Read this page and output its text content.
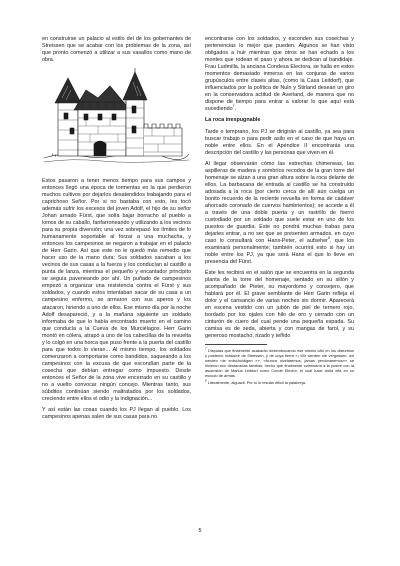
en construirse un palacio al estilo del de los gobernantes de Streissen que se acabar con los problemas de la zona, así que pronto comenzó a utilizar a sus vasallos como mano de obra.

Estos pasaron a tener menos tiempo para sus campos y entonces llegó una época de tormentas en la que perdieron muchos cultivos por dejarlos desatendidos trabajando para el caprichoso Señor. Por si no bastaba con esto, les tocó además sufrir los excesos del joven Adolf, el hijo de su señor Johan arnado Fürst, que solía bajar borracho al pueblo a lomos de su caballo, fanfarroneando y utilizando a los vecinos para su propia diversión; una vez sobrepasó los límites de lo humanamente soportable al forzar a una muchacha, y entonces los campesinos se negaron a trabajar en el palacio de Herr Garin. Así que este no le quedó más remedio que hacer uso de la mano dura: Sus soldados sacaban a los vecinos de sus casas a la fuerza y los conducían al castillo a punta de lanza, mientras el pequeño y encantador principito se seguía paveneando por ahí. Un puñado de campesinos empezó a organizar una resistencia contra el Fürst y sus soldados, y cuando estos intentaban sacar de su casa a un campesino enfermo, se armaron con sus aperos y los atacaron, hiriendo a uno de ellos. Ese mismo día por la noche Adolf desapareció, y a la mañana siguiente un soldado informaba de que lo había encontrado muerto en el camino que conducía a la Cueva de los Murciélagos. Herr Garin montó en cólera, atrapó a uno de los cabecillas de la revuelta y lo colgó en una horca que puso frente a la puerta del castillo para que todos lo vieran... Al mismo tiempo, los soldados comenzaron a comportarse como bandidos, saqueando a los campesinos con la excusa de que escondían parte de la cosecha que debían entregar como impuesto. Desde entonces el Señor de la zona vive encerrado en su castillo y no a vuelto convocar ningún concejo. Mientras tanto, sus súbditos continúan siendo maltratados por los soldados, creciendo entre ellos el odio y la indignación...

Y así están las cosas cuando los PJ llegan al pueblo. Los campesinos apenas salen de sus casas para no

encontrarse con los soldados, y esconden sus cosechas y pertenencias lo mejor que pueden. Algunos se han visto obligados a huir mientras que otros se han echado a los montes que rodean el paso y ahora se dedican al bandidaje. Frau Ludmilla, la anciana Condesa Electora, se halla en estos momentos demasiado inmersa en las conjuras de varios grupúsculos entre clases altas, (como la Casa Leitdorf), que influenciados por la política de Nuln y Stirland desean un giro en la conservadora actitud de Averland, de manera que no dispone de tiempo para entrar a valorar lo que aquí está sucediendo$^7$.

La roca inexpugnable

Tarde o temprano, los PJ se dirigirán al castillo, ya sea para buscar trabajo o para pedir asilo en el caso de que haya un noble entre ellos. En el Apéndice II encontrarás una descripción del castillo y las personas que viven en él.

Al llegar observarán cómo las estrechas chimeneas, las aspilleras de madera y sombríos recodos de la gran torre del homenaje se alzan a una gran altura sobre la roca delante de ellos. La barbacana de entrada al castillo se ha construido adosada a la roca (por cierto cerca de allí aún cuelga un bonito recuerdo de la reciente revuelta en forma de cadáver ahorcado coronado de cuervos hambrientos); se accede a él a través de una doble puerta y un rastrillo de hierro custodiado por un soldado que suele estar en uno de los puestos de guardia. Este no pondrá muchas trabas para dejarles entrar, a no ser que se presenten armados, en cuyo caso lo consultará con Hans-Peter, el aufseher$^8$, que los examinará personalmente; también ocurrirá esto si hay un noble entre los PJ, ya que será Hans el que lo lleve en presencia del Fürst.

Éste les recibirá en el salón que se encuentra en la segunda planta de la torre del homenaje, sentado en su sillón y acompañado de Pieter, su mayordomo y consejero, que hablará por él. El grave semblante de Herr Garin refleja el dolor y el cansancio de varias noches sin dormir. Aparecerá en escena vestido con un jubón de piel de ternero rojo, bordado por los ojales con hilo de oro y cerrado con un cinturón de cuero del cual pende una pequeña espada. Su camisa es de seda, abierta y con mangas de farol, y su generoso mostacho, rizado y teñido

$^7$ Disputas que finalmente acabarán desembocando ese mismo año en los disturbios y posterior masacre de Streissen, y de cuya tierra «¡ Wir werden nie vergessen, wir werden nie entschuldigen »», «Nunca olvidaremos, jamás perdonaremos»» se hicieron eco destacadas familias; hecho que finalmente culminaría a la postre con la ascensión de Marius Leitdorf como Conde Elector, el cual hace doña ella en su escudo de armas.

$^8$ Literalmente, alguacil. Por sí lo resulta difícil la palabreja.

5
